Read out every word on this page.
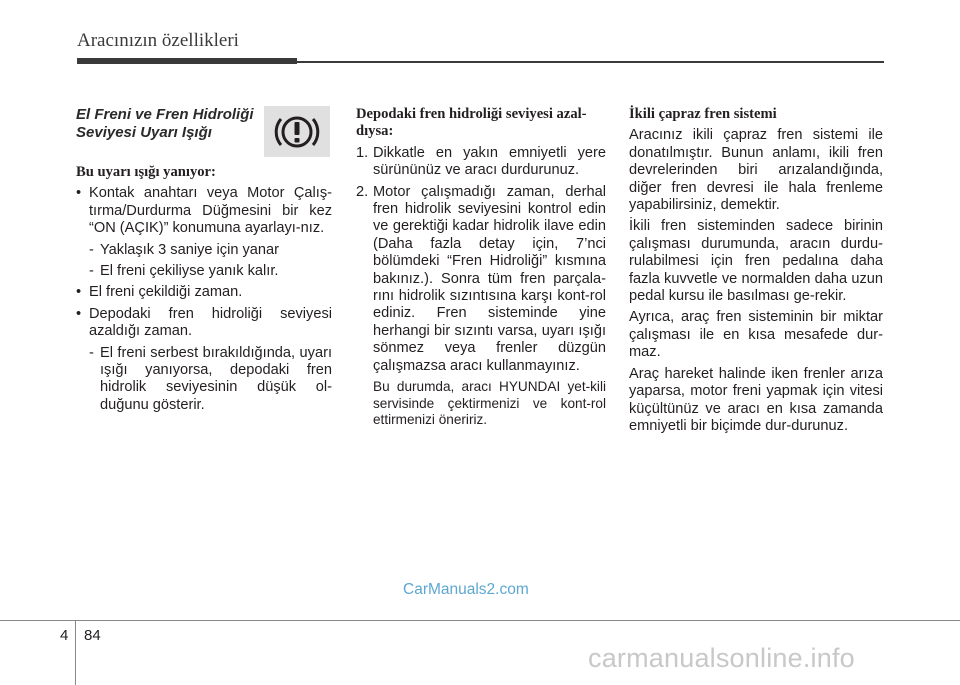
Aracınızın özellikleri
El Freni ve Fren Hidroliği Seviyesi Uyarı Işığı
Bu uyarı ışığı yanıyor:
• Kontak anahtarı veya Motor Çalış-tırma/Durdurma Düğmesini bir kez “ON (AÇIK)” konumuna ayarlayı-nız.
- Yaklaşık 3 saniye için yanar
- El freni çekiliyse yanık kalır.
• El freni çekildiği zaman.
• Depodaki fren hidroliği seviyesi azaldığı zaman.
- El freni serbest bırakıldığında, uyarı ışığı yanıyorsa, depodaki fren hidrolik seviyesinin düşük ol-duğunu gösterir.
Depodaki fren hidroliği seviyesi azal-dıysa:
1. Dikkatle en yakın emniyetli yere sürününüz ve aracı durdurunuz.
2. Motor çalışmadığı zaman, derhal fren hidrolik seviyesini kontrol edin ve gerektiği kadar hidrolik ilave edin (Daha fazla detay için, 7’nci bölümdeki “Fren Hidroliği” kısmına bakınız.). Sonra tüm fren parçala-rını hidrolik sızıntısına karşı kont-rol ediniz. Fren sisteminde yine herhangi bir sızıntı varsa, uyarı ışığı sönmez veya frenler düzgün çalışmazsa aracı kullanmayınız.
Bu durumda, aracı HYUNDAI yet-kili servisinde çektirmenizi ve kont-rol ettirmenizi öneririz.
İkili çapraz fren sistemi

Aracınız ikili çapraz fren sistemi ile donatılmıştır. Bunun anlamı, ikili fren devrelerinden biri arızalandığında, diğer fren devresi ile hala frenleme yapabilirsiniz, demektir.

İkili fren sisteminden sadece birinin çalışması durumunda, aracın durdu-rulabilmesi için fren pedalına daha fazla kuvvetle ve normalden daha uzun pedal kursu ile basılması ge-rekir.

Ayrıca, araç fren sisteminin bir miktar çalışması ile en kısa mesafede dur-maz.

Araç hareket halinde iken frenler arıza yaparsa, motor freni yapmak için vitesi küçültünüz ve aracı en kısa zamanda emniyetli bir biçimde dur-durunuz.

CarManuals2.com
4 84
carmanualsonline.info
